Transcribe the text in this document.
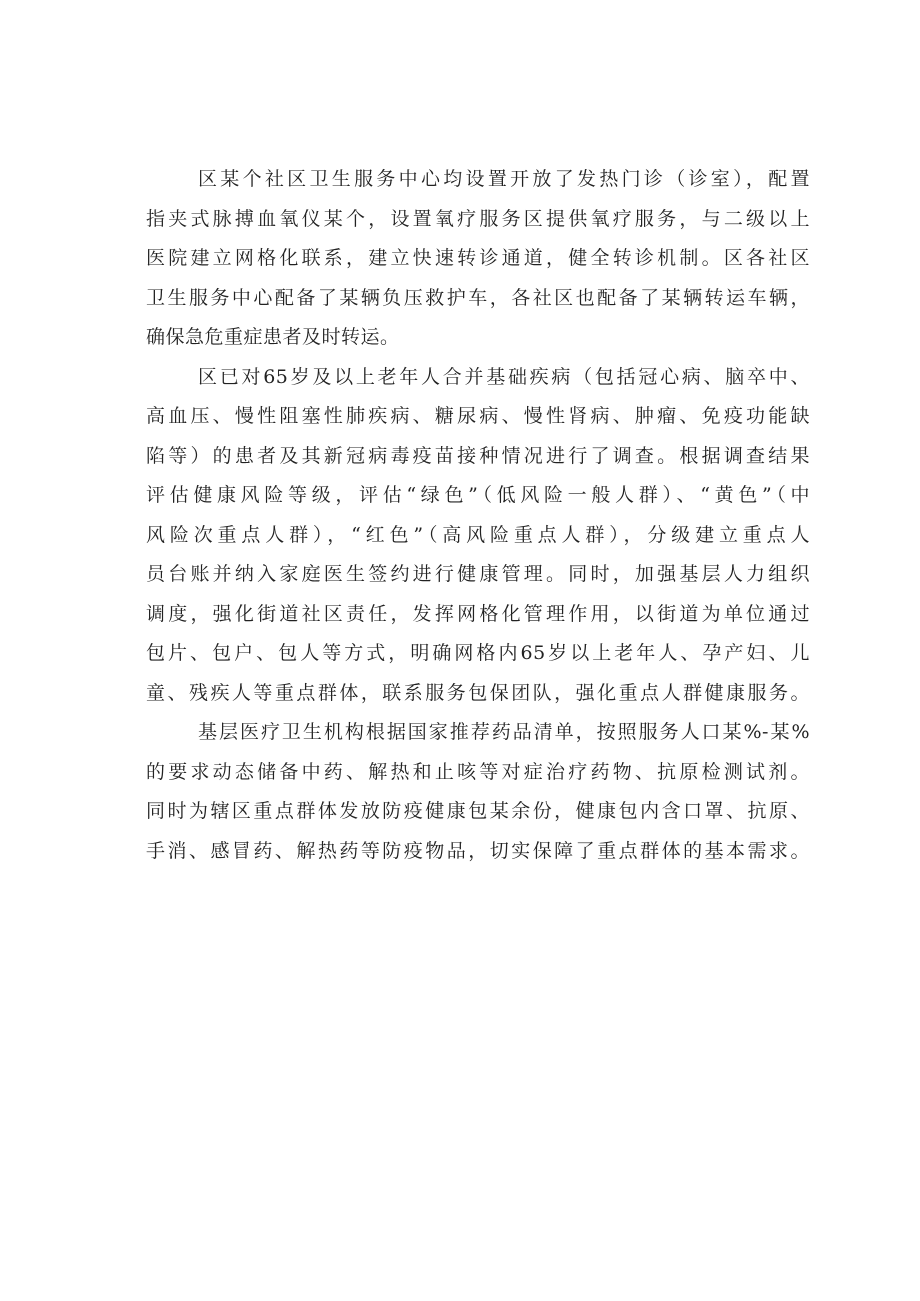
区某个社区卫生服务中心均设置开放了发热门诊（诊室），配置
指夹式脉搏血氧仪某个，设置氧疗服务区提供氧疗服务，与二级以上
医院建立网格化联系，建立快速转诊通道，健全转诊机制。区各社区
卫生服务中心配备了某辆负压救护车，各社区也配备了某辆转运车辆，
确保急危重症患者及时转运。

区已对65岁及以上老年人合并基础疾病（包括冠心病、脑卒中、
高血压、慢性阻塞性肺疾病、糖尿病、慢性肾病、肿瘤、免疫功能缺
陷等）的患者及其新冠病毒疫苗接种情况进行了调查。根据调查结果
评估健康风险等级，评估“绿色”（低风险一般人群）、“黄色”（中
风险次重点人群），“红色”（高风险重点人群），分级建立重点人
员台账并纳入家庭医生签约进行健康管理。同时，加强基层人力组织
调度，强化街道社区责任，发挥网格化管理作用，以街道为单位通过
包片、包户、包人等方式，明确网格内65岁以上老年人、孕产妇、儿
童、残疾人等重点群体，联系服务包保团队，强化重点人群健康服务。

基层医疗卫生机构根据国家推荐药品清单，按照服务人口某%-某%
的要求动态储备中药、解热和止咳等对症治疗药物、抗原检测试剂。
同时为辖区重点群体发放防疫健康包某余份，健康包内含口罩、抗原、
手消、感冒药、解热药等防疫物品，切实保障了重点群体的基本需求。
